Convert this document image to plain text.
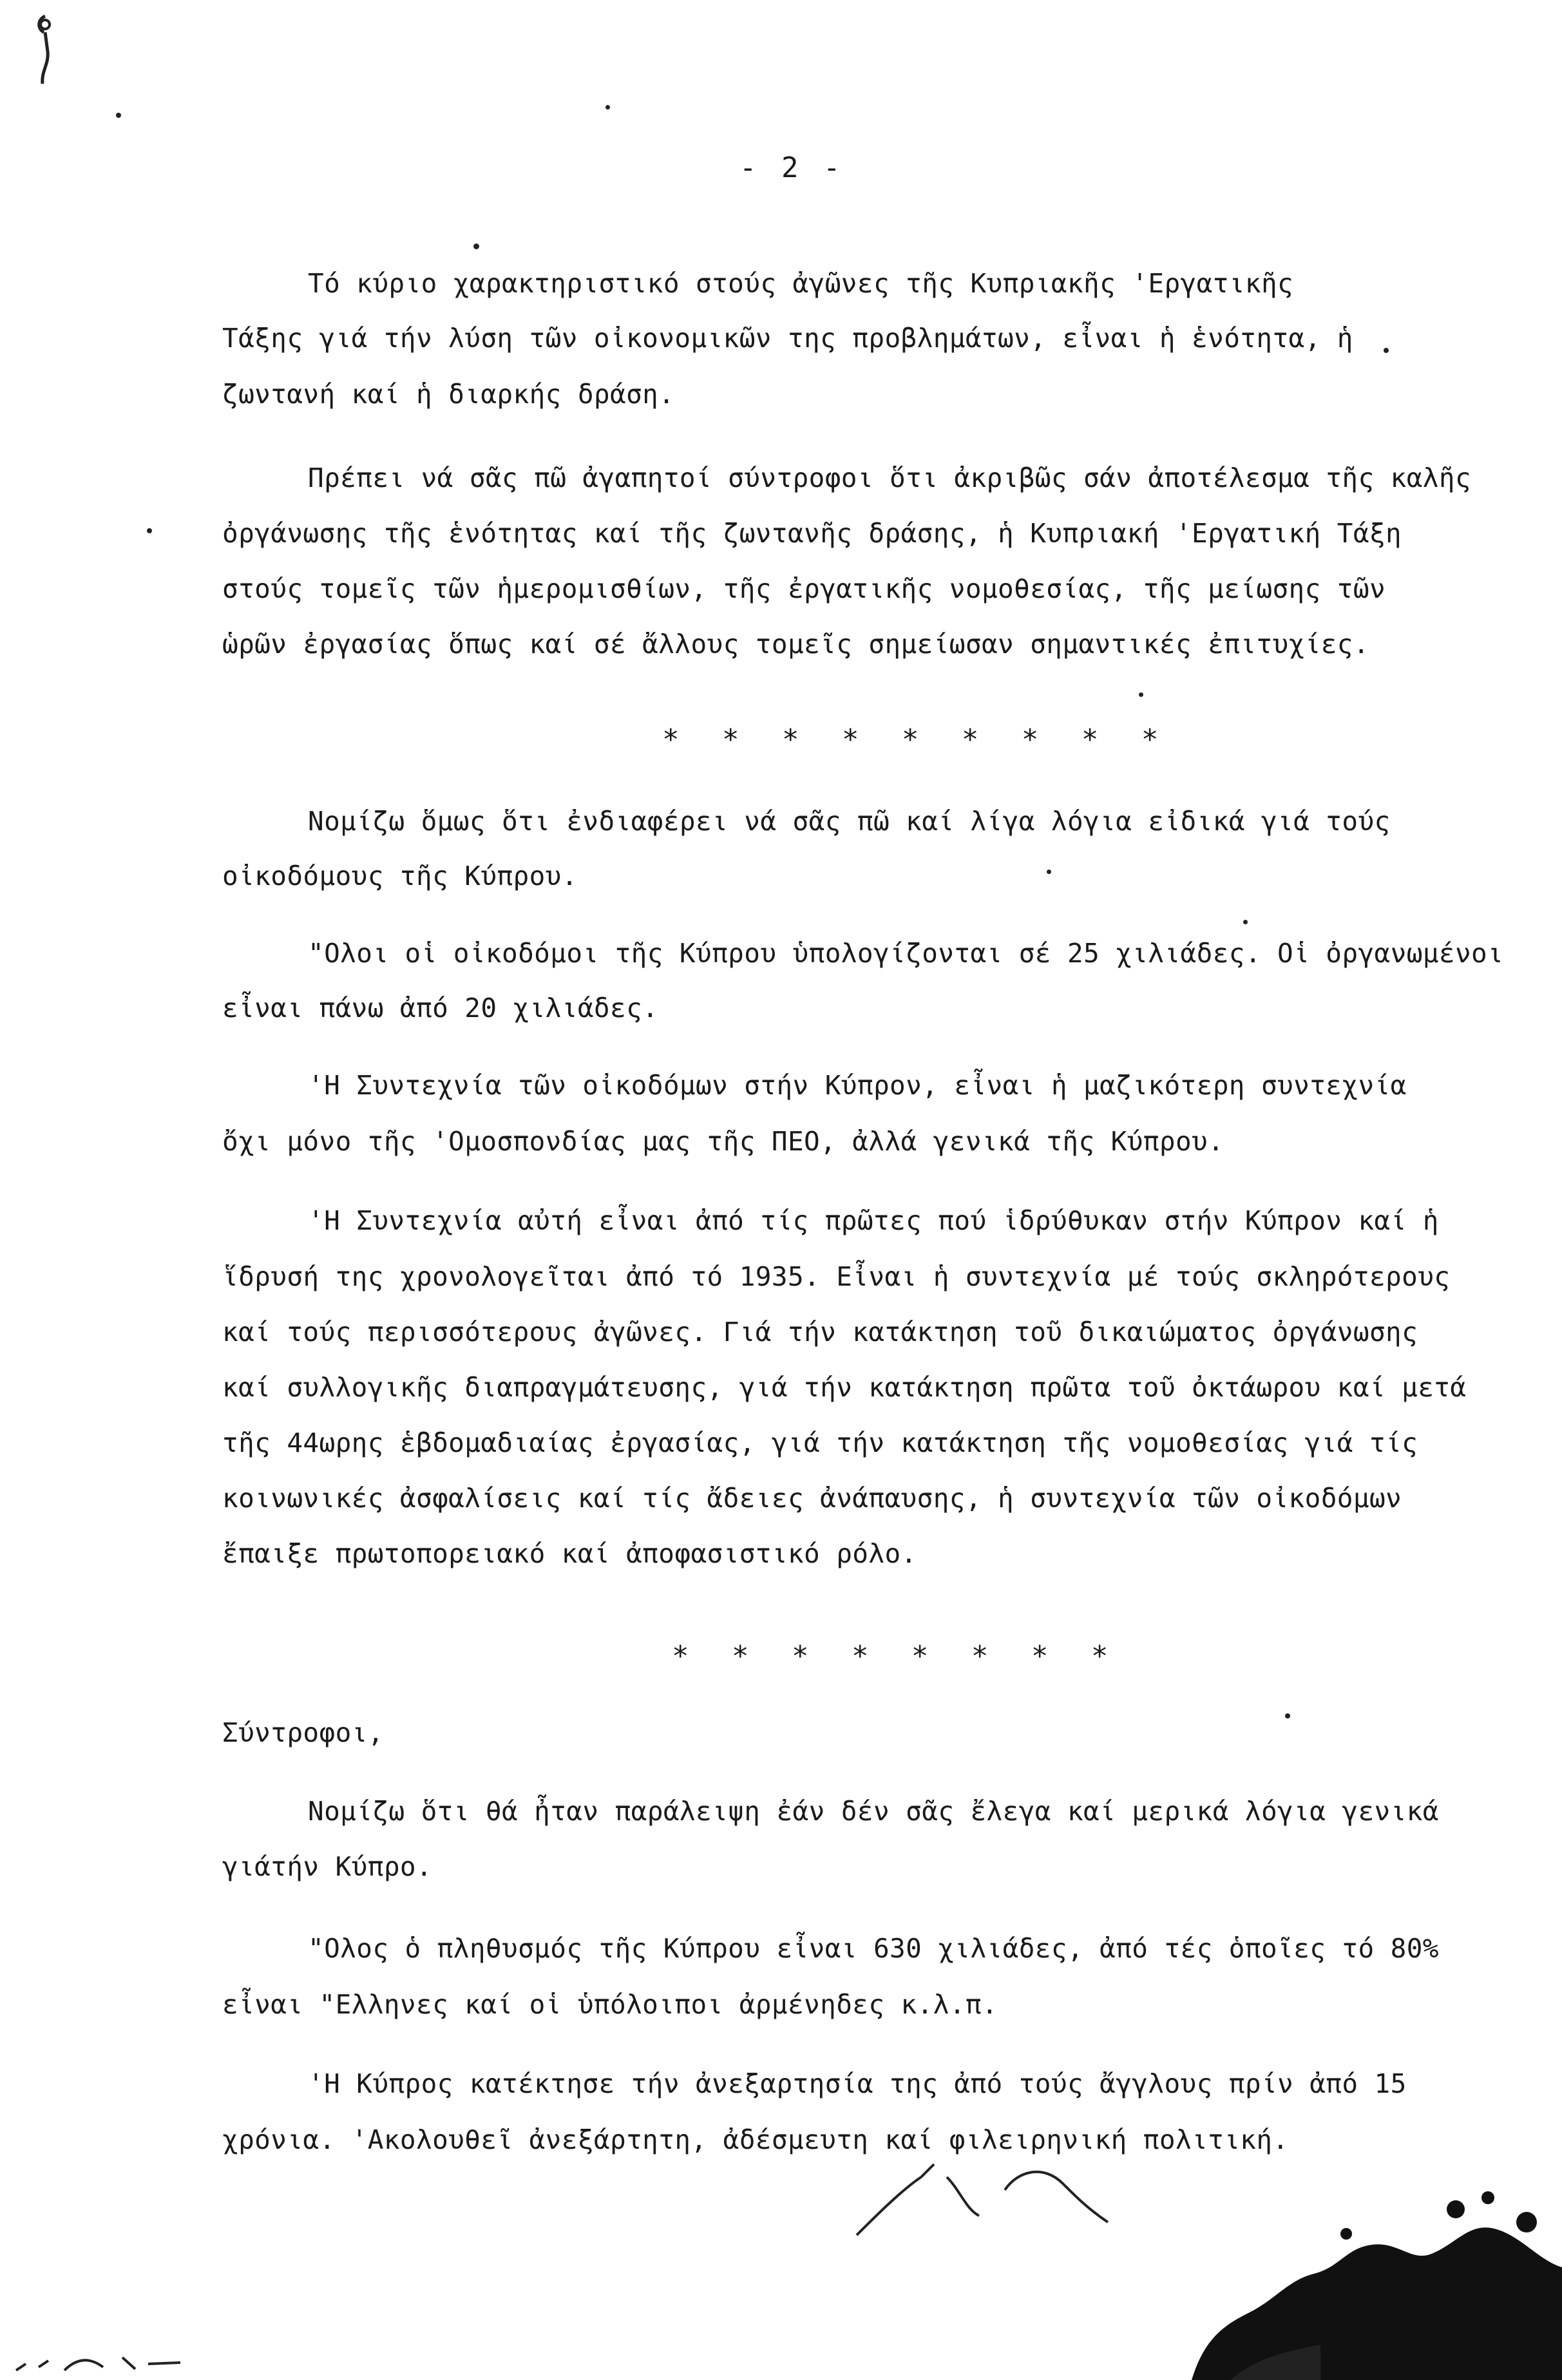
- 2 -
Τό κύριο χαρακτηριστικό στούς ἀγῶνες τῆς Κυπριακῆς 'Εργατικῆς
Τάξης γιά τήν λύση τῶν οἰκονομικῶν της προβλημάτων, εἶναι ἡ ἑνότητα, ἡ
ζωντανή καί ἡ διαρκής δράση.
Πρέπει νά σᾶς πῶ ἀγαπητοί σύντροφοι ὅτι ἀκριβῶς σάν ἀποτέλεσμα τῆς καλῆς
ὀργάνωσης τῆς ἑνότητας καί τῆς ζωντανῆς δράσης, ἡ Κυπριακή 'Εργατική Τάξη
στούς τομεῖς τῶν ἡμερομισθίων, τῆς ἐργατικῆς νομοθεσίας, τῆς μείωσης τῶν
ὡρῶν ἐργασίας ὅπως καί σέ ἄλλους τομεῖς σημείωσαν σημαντικές ἐπιτυχίες.
* * * * * * * * *
Νομίζω ὅμως ὅτι ἐνδιαφέρει νά σᾶς πῶ καί λίγα λόγια εἰδικά γιά τούς
οἰκοδόμους τῆς Κύπρου.
"Ολοι οἱ οἰκοδόμοι τῆς Κύπρου ὑπολογίζονται σέ 25 χιλιάδες. Οἱ ὀργανωμένοι
εἶναι πάνω ἀπό 20 χιλιάδες.
'Η Συντεχνία τῶν οἰκοδόμων στήν Κύπρον, εἶναι ἡ μαζικότερη συντεχνία
ὄχι μόνο τῆς 'Ομοσπονδίας μας τῆς ΠΕΟ, ἀλλά γενικά τῆς Κύπρου.
'Η Συντεχνία αὐτή εἶναι ἀπό τίς πρῶτες πού ἱδρύθυκαν στήν Κύπρον καί ἡ
ἵδρυσή της χρονολογεῖται ἀπό τό 1935. Εἶναι ἡ συντεχνία μέ τούς σκληρότερους
καί τούς περισσότερους ἀγῶνες. Γιά τήν κατάκτηση τοῦ δικαιώματος ὀργάνωσης
καί συλλογικῆς διαπραγμάτευσης, γιά τήν κατάκτηση πρῶτα τοῦ ὀκτάωρου καί μετά
τῆς 44ωρης ἑβδομαδιαίας ἐργασίας, γιά τήν κατάκτηση τῆς νομοθεσίας γιά τίς
κοινωνικές ἀσφαλίσεις καί τίς ἄδειες ἀνάπαυσης, ἡ συντεχνία τῶν οἰκοδόμων
ἔπαιξε πρωτοπορειακό καί ἀποφασιστικό ρόλο.
* * * * * * * *
Σύντροφοι,
Νομίζω ὅτι θά ἦταν παράλειψη ἐάν δέν σᾶς ἔλεγα καί μερικά λόγια γενικά
γιάτήν Κύπρο.
"Ολος ὁ πληθυσμός τῆς Κύπρου εἶναι 630 χιλιάδες, ἀπό τές ὁποῖες τό 80%
εἶναι "Ελληνες καί οἱ ὑπόλοιποι ἀρμένηδες κ.λ.π.
'Η Κύπρος κατέκτησε τήν ἀνεξαρτησία της ἀπό τούς ἄγγλους πρίν ἀπό 15
χρόνια. 'Ακολουθεῖ ἀνεξάρτητη, ἀδέσμευτη καί φιλειρηνική πολιτική.
